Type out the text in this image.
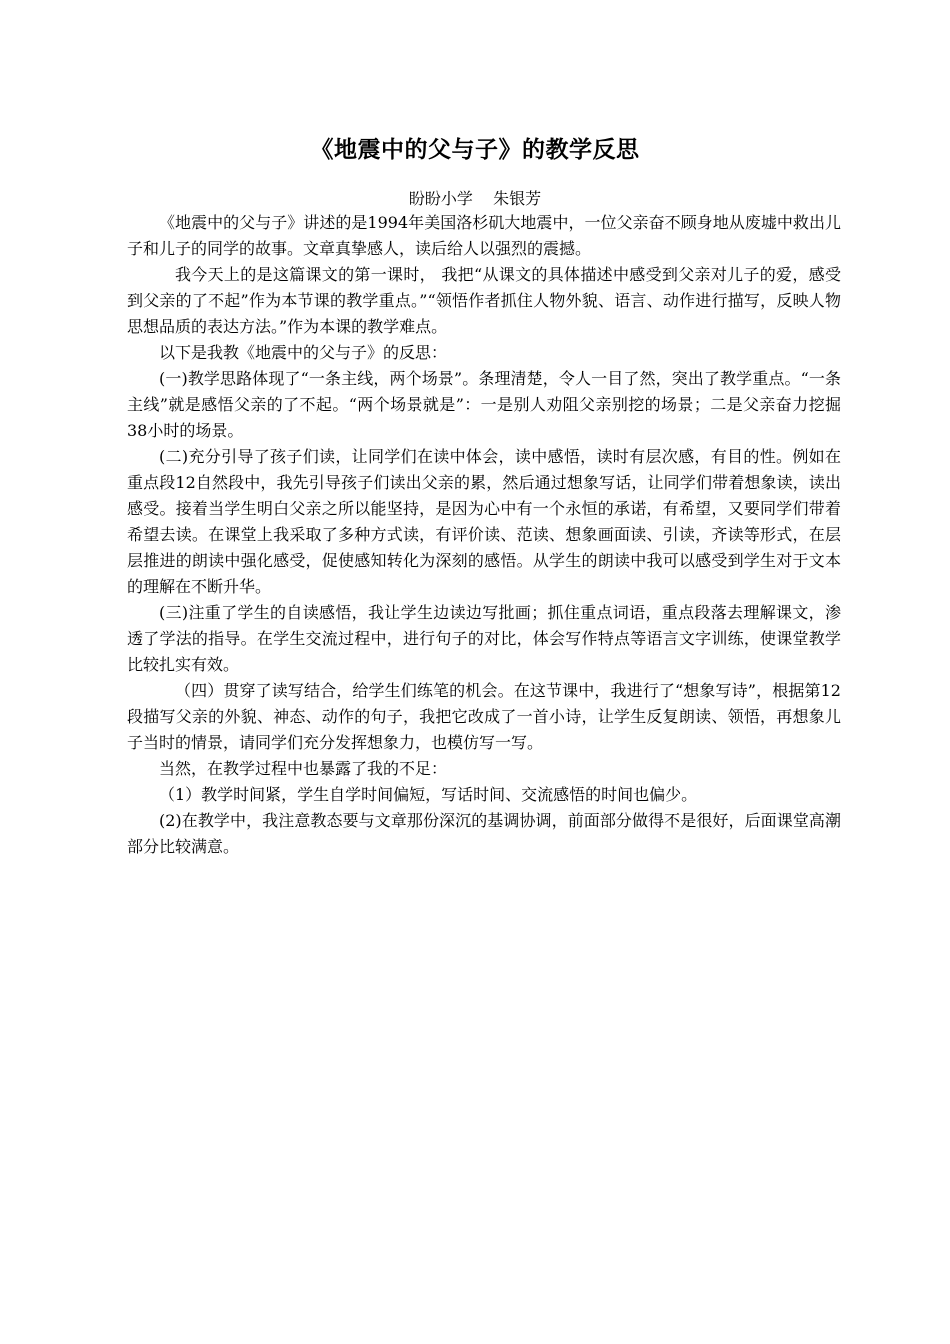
《地震中的父与子》的教学反思
盼盼小学    朱银芳

《地震中的父与子》讲述的是1994年美国洛杉矶大地震中，一位父亲奋不顾身地从废墟中救出儿子和儿子的同学的故事。文章真挚感人，读后给人以强烈的震撼。

我今天上的是这篇课文的第一课时， 我把“从课文的具体描述中感受到父亲对儿子的爱，感受到父亲的了不起”作为本节课的教学重点。”“领悟作者抓住人物外貌、语言、动作进行描写，反映人物思想品质的表达方法。”作为本课的教学难点。

以下是我教《地震中的父与子》的反思：

(一)教学思路体现了“一条主线，两个场景”。条理清楚，令人一目了然，突出了教学重点。“一条主线”就是感悟父亲的了不起。“两个场景就是”：一是别人劝阻父亲别挖的场景；二是父亲奋力挖掘38小时的场景。

(二)充分引导了孩子们读，让同学们在读中体会，读中感悟，读时有层次感，有目的性。例如在重点段12自然段中，我先引导孩子们读出父亲的累，然后通过想象写话，让同学们带着想象读，读出感受。接着当学生明白父亲之所以能坚持，是因为心中有一个永恒的承诺，有希望，又要同学们带着希望去读。在课堂上我采取了多种方式读，有评价读、范读、想象画面读、引读，齐读等形式，在层层推进的朗读中强化感受，促使感知转化为深刻的感悟。从学生的朗读中我可以感受到学生对于文本的理解在不断升华。

(三)注重了学生的自读感悟，我让学生边读边写批画；抓住重点词语，重点段落去理解课文，渗透了学法的指导。在学生交流过程中，进行句子的对比，体会写作特点等语言文字训练，使课堂教学比较扎实有效。

（四）贯穿了读写结合，给学生们练笔的机会。在这节课中，我进行了“想象写诗”，根据第12段描写父亲的外貌、神态、动作的句子，我把它改成了一首小诗，让学生反复朗读、领悟，再想象儿子当时的情景，请同学们充分发挥想象力，也模仿写一写。

当然，在教学过程中也暴露了我的不足：

（1）教学时间紧，学生自学时间偏短，写话时间、交流感悟的时间也偏少。

(2)在教学中，我注意教态要与文章那份深沉的基调协调，前面部分做得不是很好，后面课堂高潮部分比较满意。
